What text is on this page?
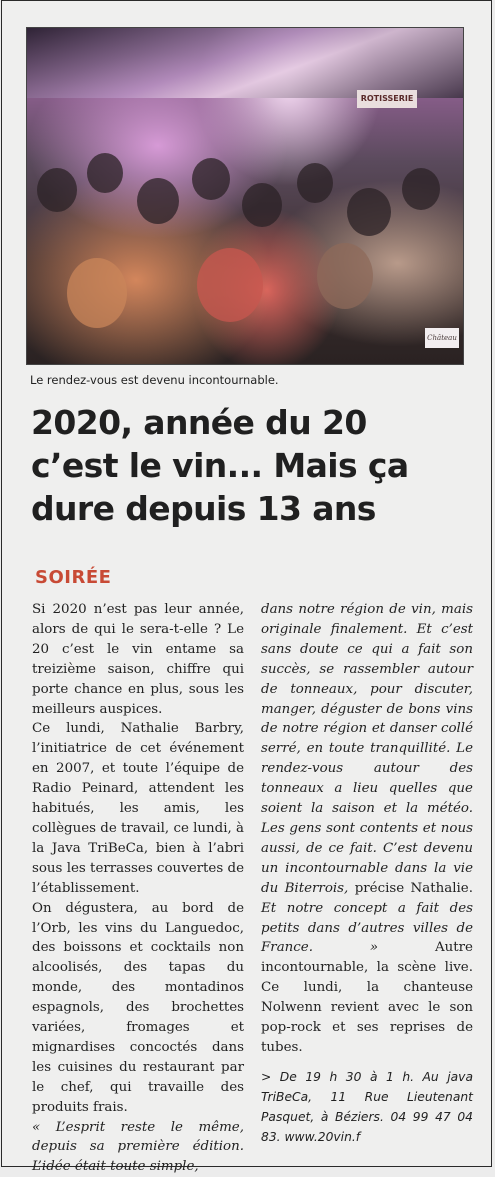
ROTISSERIE
Château
Le rendez-vous est devenu incontournable.
2020, année du 20
c’est le vin... Mais ça
dure depuis 13 ans
SOIRÉE

Si 2020 n’est pas leur année, alors de qui le sera-t-elle ? Le 20 c’est le vin entame sa treizième saison, chiffre qui porte chance en plus, sous les meilleurs auspices.

Ce lundi, Nathalie Barbry, l’initiatrice de cet événement en 2007, et toute l’équipe de Radio Peinard, attendent les habitués, les amis, les collègues de travail, ce lundi, à la Java TriBeCa, bien à l’abri sous les terrasses couvertes de l’établissement.

On dégustera, au bord de l’Orb, les vins du Languedoc, des boissons et cocktails non alcoolisés, des tapas du monde, des montadinos espagnols, des brochettes variées, fromages et mignardises concoctés dans les cuisines du restaurant par le chef, qui travaille des produits frais.

« L’esprit reste le même, depuis sa première édition. L’idée était toute simple,

dans notre région de vin, mais originale finalement. Et c’est sans doute ce qui a fait son succès, se rassembler autour de tonneaux, pour discuter, manger, déguster de bons vins de notre région et danser collé serré, en toute tranquillité. Le rendez-vous autour des tonneaux a lieu quelles que soient la saison et la météo. Les gens sont contents et nous aussi, de ce fait. C’est devenu un incontournable dans la vie du Biterrois, précise Nathalie. Et notre concept a fait des petits dans d’autres villes de France. » Autre incontournable, la scène live. Ce lundi, la chanteuse Nolwenn revient avec le son pop-rock et ses reprises de tubes.

> De 19 h 30 à 1 h. Au java TriBeCa, 11 Rue Lieutenant Pasquet, à Béziers. 04 99 47 04 83. www.20vin.f
